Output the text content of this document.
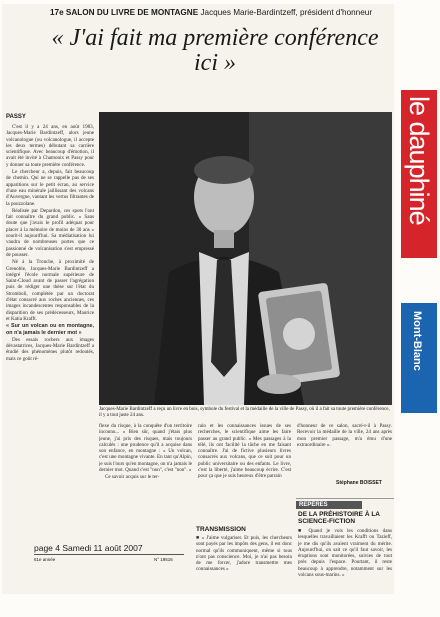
17e SALON DU LIVRE DE MONTAGNE Jacques Marie-Bardintzeff, président d'honneur
« J'ai fait ma première conférence ici »
PASSY

C'est il y a 24 ans, en août 1983, Jacques-Marie Bardintzeff, alors jeune volcanologue (ou volcanologue, il accepte les deux termes) débutant sa carrière scientifique. Avec beaucoup d'émotion, il avait été invité à Chamonix et Passy pour y donner sa toute première conférence.

Le chercheur a, depuis, fait beaucoup de chemin. Qui ne se rappelle pas de ses apparitions sur le petit écran, au service d'une eau minérale jaillissant des volcans d'Auvergne, vantant les vertus filtrantes de la pouzzolane.

Réalisée par Depardon, ces spots l'ont fait connaître du grand public. « Sans doute que j'avais le profil adéquat pour placer à la mémoire de moins de 30 ans » sourit-il aujourd'hui. Sa médiatisation lui vaudra de nombreuses portes que ce passionné de volcanisation s'est empressé de pousser.

Né à la Tronche, à proximité de Grenoble, Jacques-Marie Bardintzeff a intégré l'école normale supérieure de Saint-Cloud avant de passer l'agrégation puis de rédiger une thèse sur l'état du Stromboli, complétée par un doctorat d'état consacré aux roches anciennes, ces images incandescentes responsables de la disparition de ses prédécesseurs, Maurice et Katia Krafft.

« Sur un volcan ou en montagne, on n'a jamais le dernier mot »

Des essais rochers aux images dévastatrices, Jacques-Marie Bardintzeff a étudié des phénomènes plutôt redoutés, mais ce goût ré-

Jacques-Marie Bardintzeff a reçu un livre en bois, symbole du festival et la médaille de la ville de Passy, où il a fait sa toute première conférence, il y a tout juste 24 ans.

flexe du risque, à la conquête d'un territoire inconnu... « Bien sûr, quand j'étais plus jeune, j'ai pris des risques, mais toujours calculés : une prudence qu'il a acquise dans son enfance, en montagne : « Un volcan, c'est une montagne vivante. En tant qu'Alpin, je suis l'ours qu'en montagne, on n'a jamais le dernier mot. Quand c'est "non", c'est "non". »

Ce savoir acquis sur le ter-

rain et les connaissances issues de ses recherches, le scientifique aime les faire passer au grand public. « Mes passages à la télé, ils ont facilité la tâche en me faisant connaître. J'ai de fictive plusieurs livres consacrés aux volcans, que ce soit pour un public universitaire ou des enfants. Le livre, c'est la liberté, j'aime beaucoup écrire. C'est pour ça que je suis heureux d'être parrain

d'honneur de ce salon, sacré-t-il à Passy. Recevoir la médaille de la ville, 24 ans après mon premier passage, m'a ému d'une extraordinaire ».

Stéphane BOISSET
REPÈRES
DE LA PRÉHISTOIRE À LA SCIENCE-FICTION
■ Quand je vois les conditions dans lesquelles travaillaient les Krafft ou Tazieff, je me dis qu'ils avaient vraiment du mérite. Aujourd'hui, on sait ce qu'il faut savoir, les éruptions sont monitorées, suivies de tout près depuis l'espace. Pourtant, il reste beaucoup à apprendre, notamment sur les volcans sous-marins. »
TRANSMISSION
■ « J'aime vulgariser. Et puis, les chercheurs sont payés par les impôts des gens, il est donc normal qu'ils communiquent, même si tous n'ont pas conscience. Moi, je n'ai pas besoin de me forcer, j'adore transmettre mes connaissances »
le dauphiné
Mont-Blanc
page 4 Samedi 11 août 2007
61e année	N° 19516
